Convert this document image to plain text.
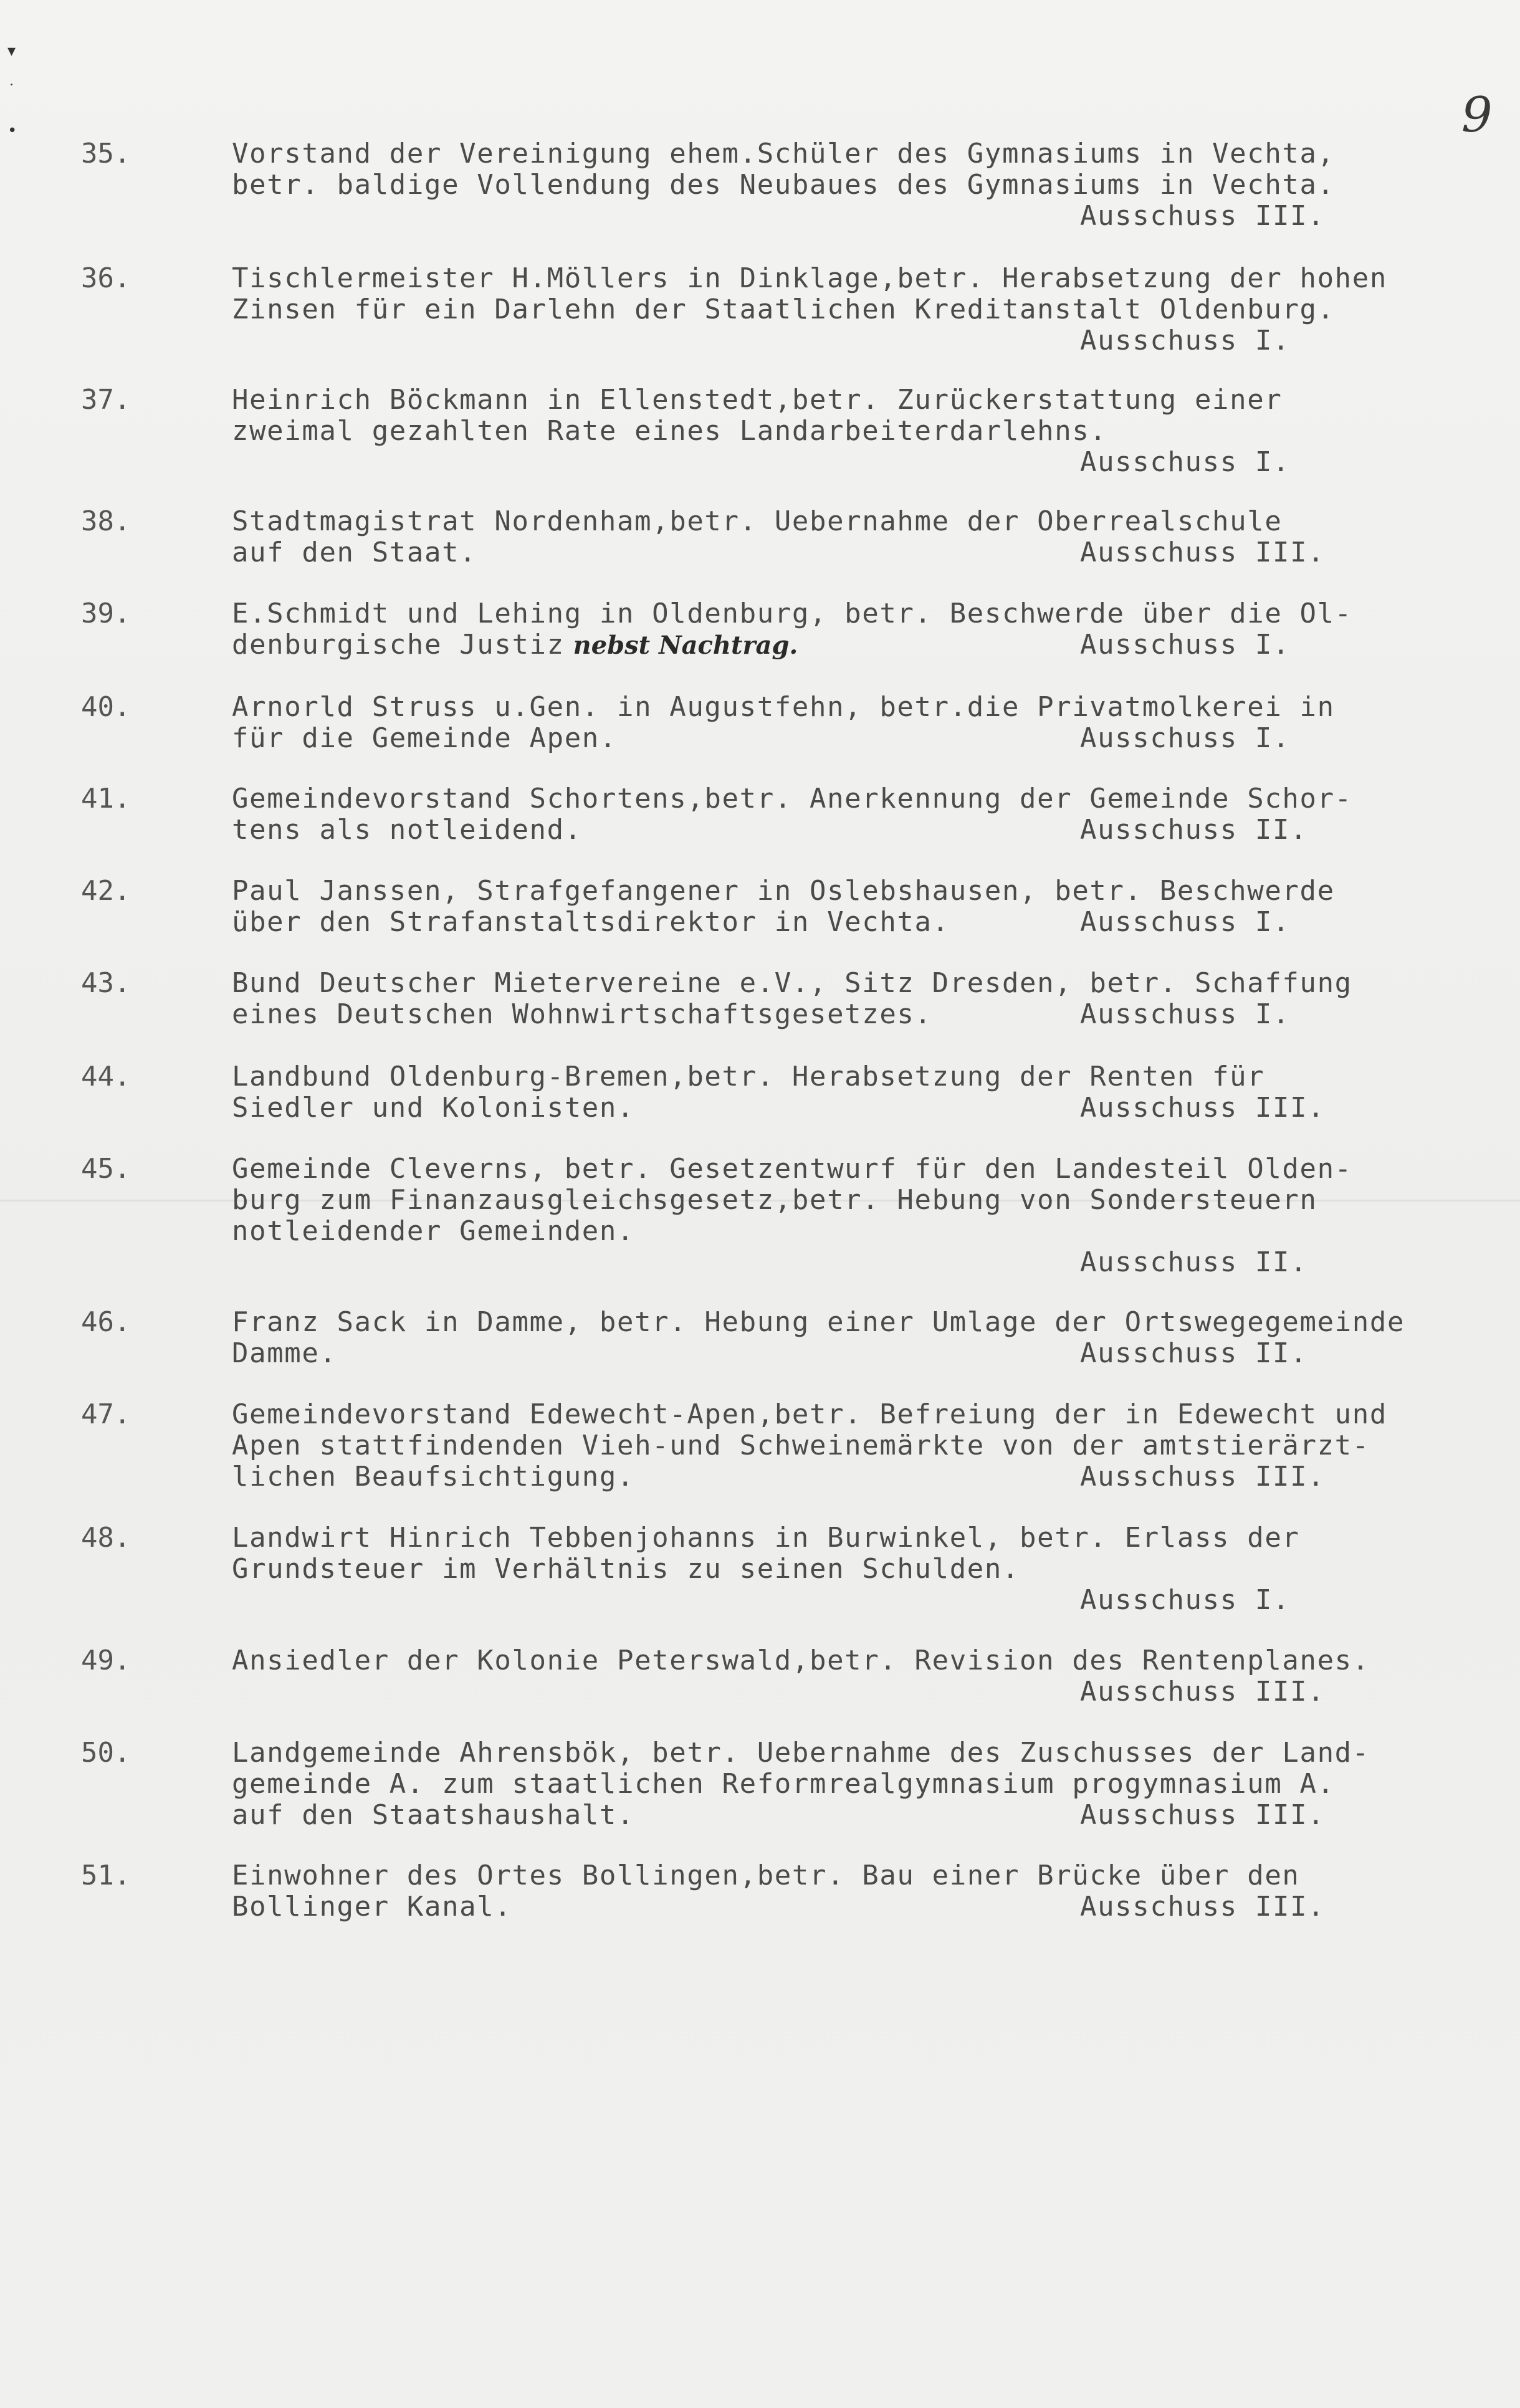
▾
˙
•	9
35.	Vorstand der Vereinigung ehem.Schüler des Gymnasiums in Vechta,
betr. baldige Vollendung des Neubaues des Gymnasiums in Vechta.
Ausschuss III.
36.	Tischlermeister H.Möllers in Dinklage,betr. Herabsetzung der hohen
Zinsen für ein Darlehn der Staatlichen Kreditanstalt Oldenburg.
Ausschuss I.
37.	Heinrich Böckmann in Ellenstedt,betr. Zurückerstattung einer
zweimal gezahlten Rate eines Landarbeiterdarlehns.
Ausschuss I.
38.	Stadtmagistrat Nordenham,betr. Uebernahme der Oberrealschule
auf den Staat.	Ausschuss III.
39.	E.Schmidt und Lehing in Oldenburg, betr. Beschwerde über die Ol-
denburgische Justiz nebst Nachtrag.	Ausschuss I.
40.	Arnorld Struss u.Gen. in Augustfehn, betr.die Privatmolkerei in
für die Gemeinde Apen.	Ausschuss I.
41.	Gemeindevorstand Schortens,betr. Anerkennung der Gemeinde Schor-
tens als notleidend.	Ausschuss II.
42.	Paul Janssen, Strafgefangener in Oslebshausen, betr. Beschwerde
über den Strafanstaltsdirektor in Vechta.	Ausschuss I.
43.	Bund Deutscher Mietervereine e.V., Sitz Dresden, betr. Schaffung
eines Deutschen Wohnwirtschaftsgesetzes.	Ausschuss I.
44.	Landbund Oldenburg-Bremen,betr. Herabsetzung der Renten für
Siedler und Kolonisten.	Ausschuss III.
45.	Gemeinde Cleverns, betr. Gesetzentwurf für den Landesteil Olden-
burg zum Finanzausgleichsgesetz,betr. Hebung von Sondersteuern
notleidender Gemeinden.
Ausschuss II.
46.	Franz Sack in Damme, betr. Hebung einer Umlage der Ortswegegemeinde
Damme.	Ausschuss II.
47.	Gemeindevorstand Edewecht-Apen,betr. Befreiung der in Edewecht und
Apen stattfindenden Vieh-und Schweinemärkte von der amtstierärzt-
lichen Beaufsichtigung.	Ausschuss III.
48.	Landwirt Hinrich Tebbenjohanns in Burwinkel, betr. Erlass der
Grundsteuer im Verhältnis zu seinen Schulden.
Ausschuss I.
49.	Ansiedler der Kolonie Peterswald,betr. Revision des Rentenplanes.
Ausschuss III.
50.	Landgemeinde Ahrensbök, betr. Uebernahme des Zuschusses der Land-
gemeinde A. zum staatlichen Reformrealgymnasium progymnasium A.
auf den Staatshaushalt.	Ausschuss III.
51.	Einwohner des Ortes Bollingen,betr. Bau einer Brücke über den
Bollinger Kanal.	Ausschuss III.
